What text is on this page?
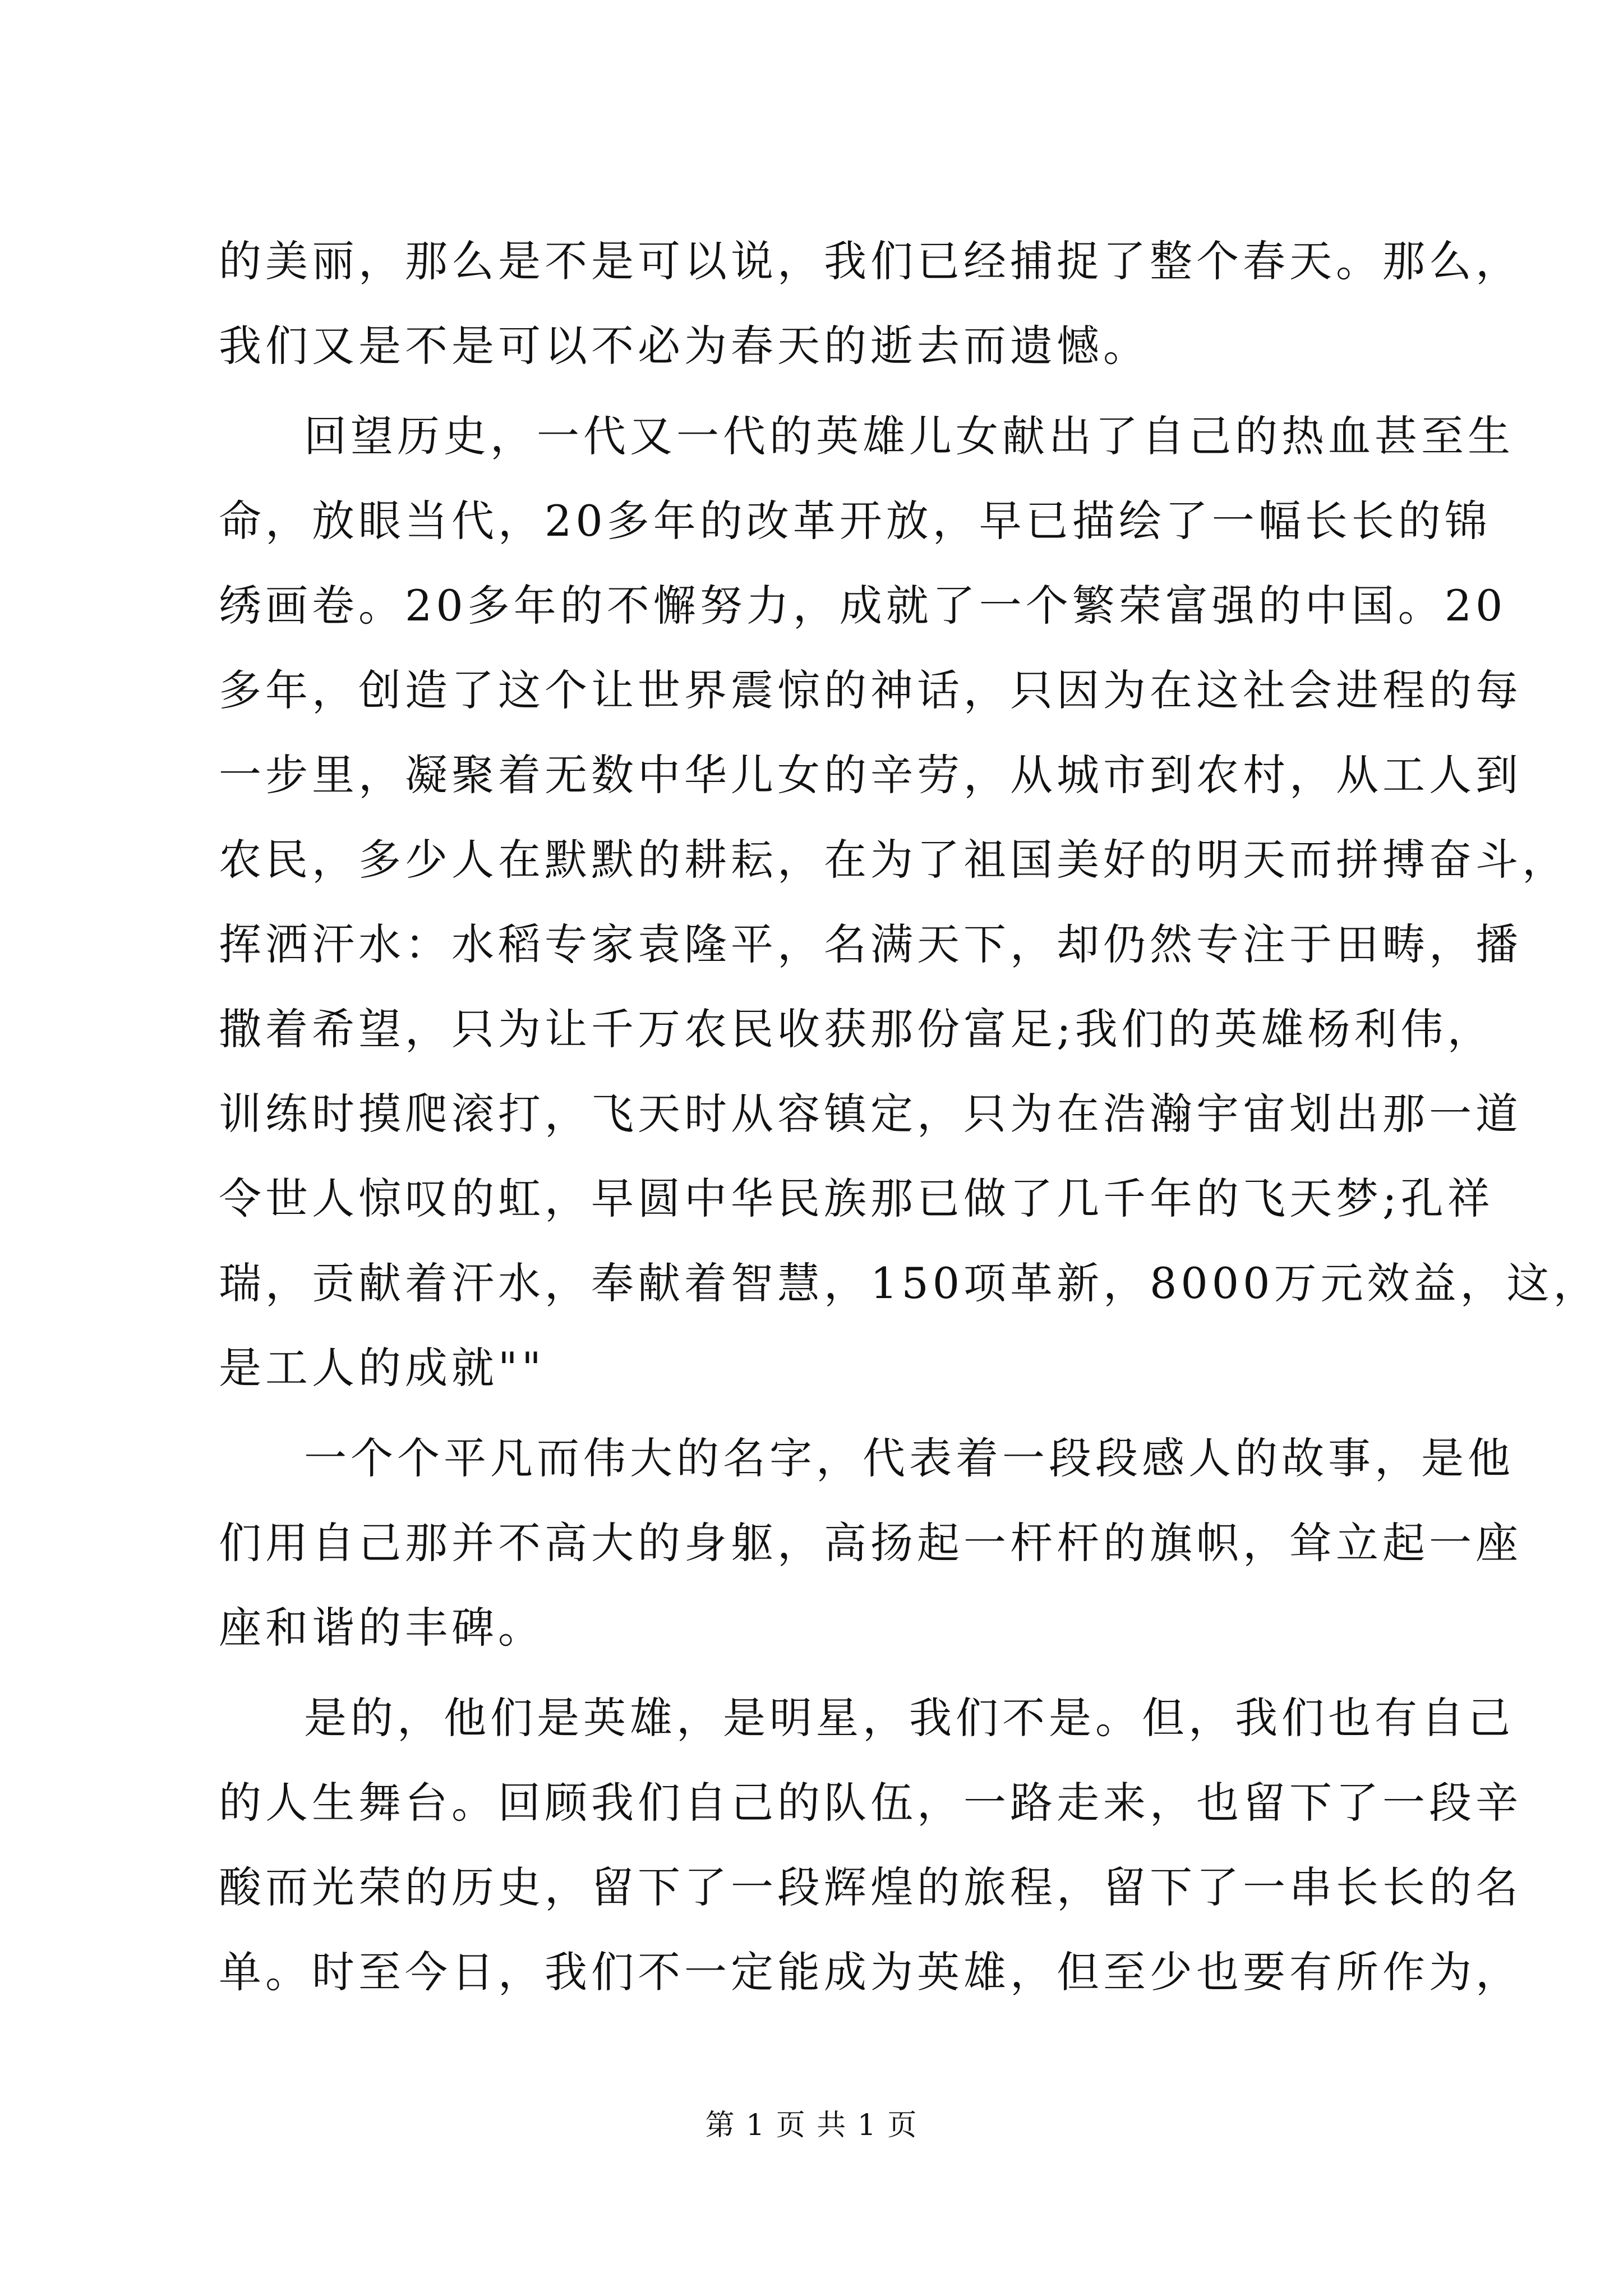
的美丽，那么是不是可以说，我们已经捕捉了整个春天。那么，
我们又是不是可以不必为春天的逝去而遗憾。
回望历史，一代又一代的英雄儿女献出了自己的热血甚至生
命，放眼当代，20多年的改革开放，早已描绘了一幅长长的锦
绣画卷。20多年的不懈努力，成就了一个繁荣富强的中国。20
多年，创造了这个让世界震惊的神话，只因为在这社会进程的每
一步里，凝聚着无数中华儿女的辛劳，从城市到农村，从工人到
农民，多少人在默默的耕耘，在为了祖国美好的明天而拼搏奋斗，
挥洒汗水：水稻专家袁隆平，名满天下，却仍然专注于田畴，播
撒着希望，只为让千万农民收获那份富足;我们的英雄杨利伟，
训练时摸爬滚打，飞天时从容镇定，只为在浩瀚宇宙划出那一道
令世人惊叹的虹，早圆中华民族那已做了几千年的飞天梦;孔祥
瑞，贡献着汗水，奉献着智慧，150项革新，8000万元效益，这，
是工人的成就""
一个个平凡而伟大的名字，代表着一段段感人的故事，是他
们用自己那并不高大的身躯，高扬起一杆杆的旗帜，耸立起一座
座和谐的丰碑。
是的，他们是英雄，是明星，我们不是。但，我们也有自己
的人生舞台。回顾我们自己的队伍，一路走来，也留下了一段辛
酸而光荣的历史，留下了一段辉煌的旅程，留下了一串长长的名
单。时至今日，我们不一定能成为英雄，但至少也要有所作为，
第 1 页 共 1 页
